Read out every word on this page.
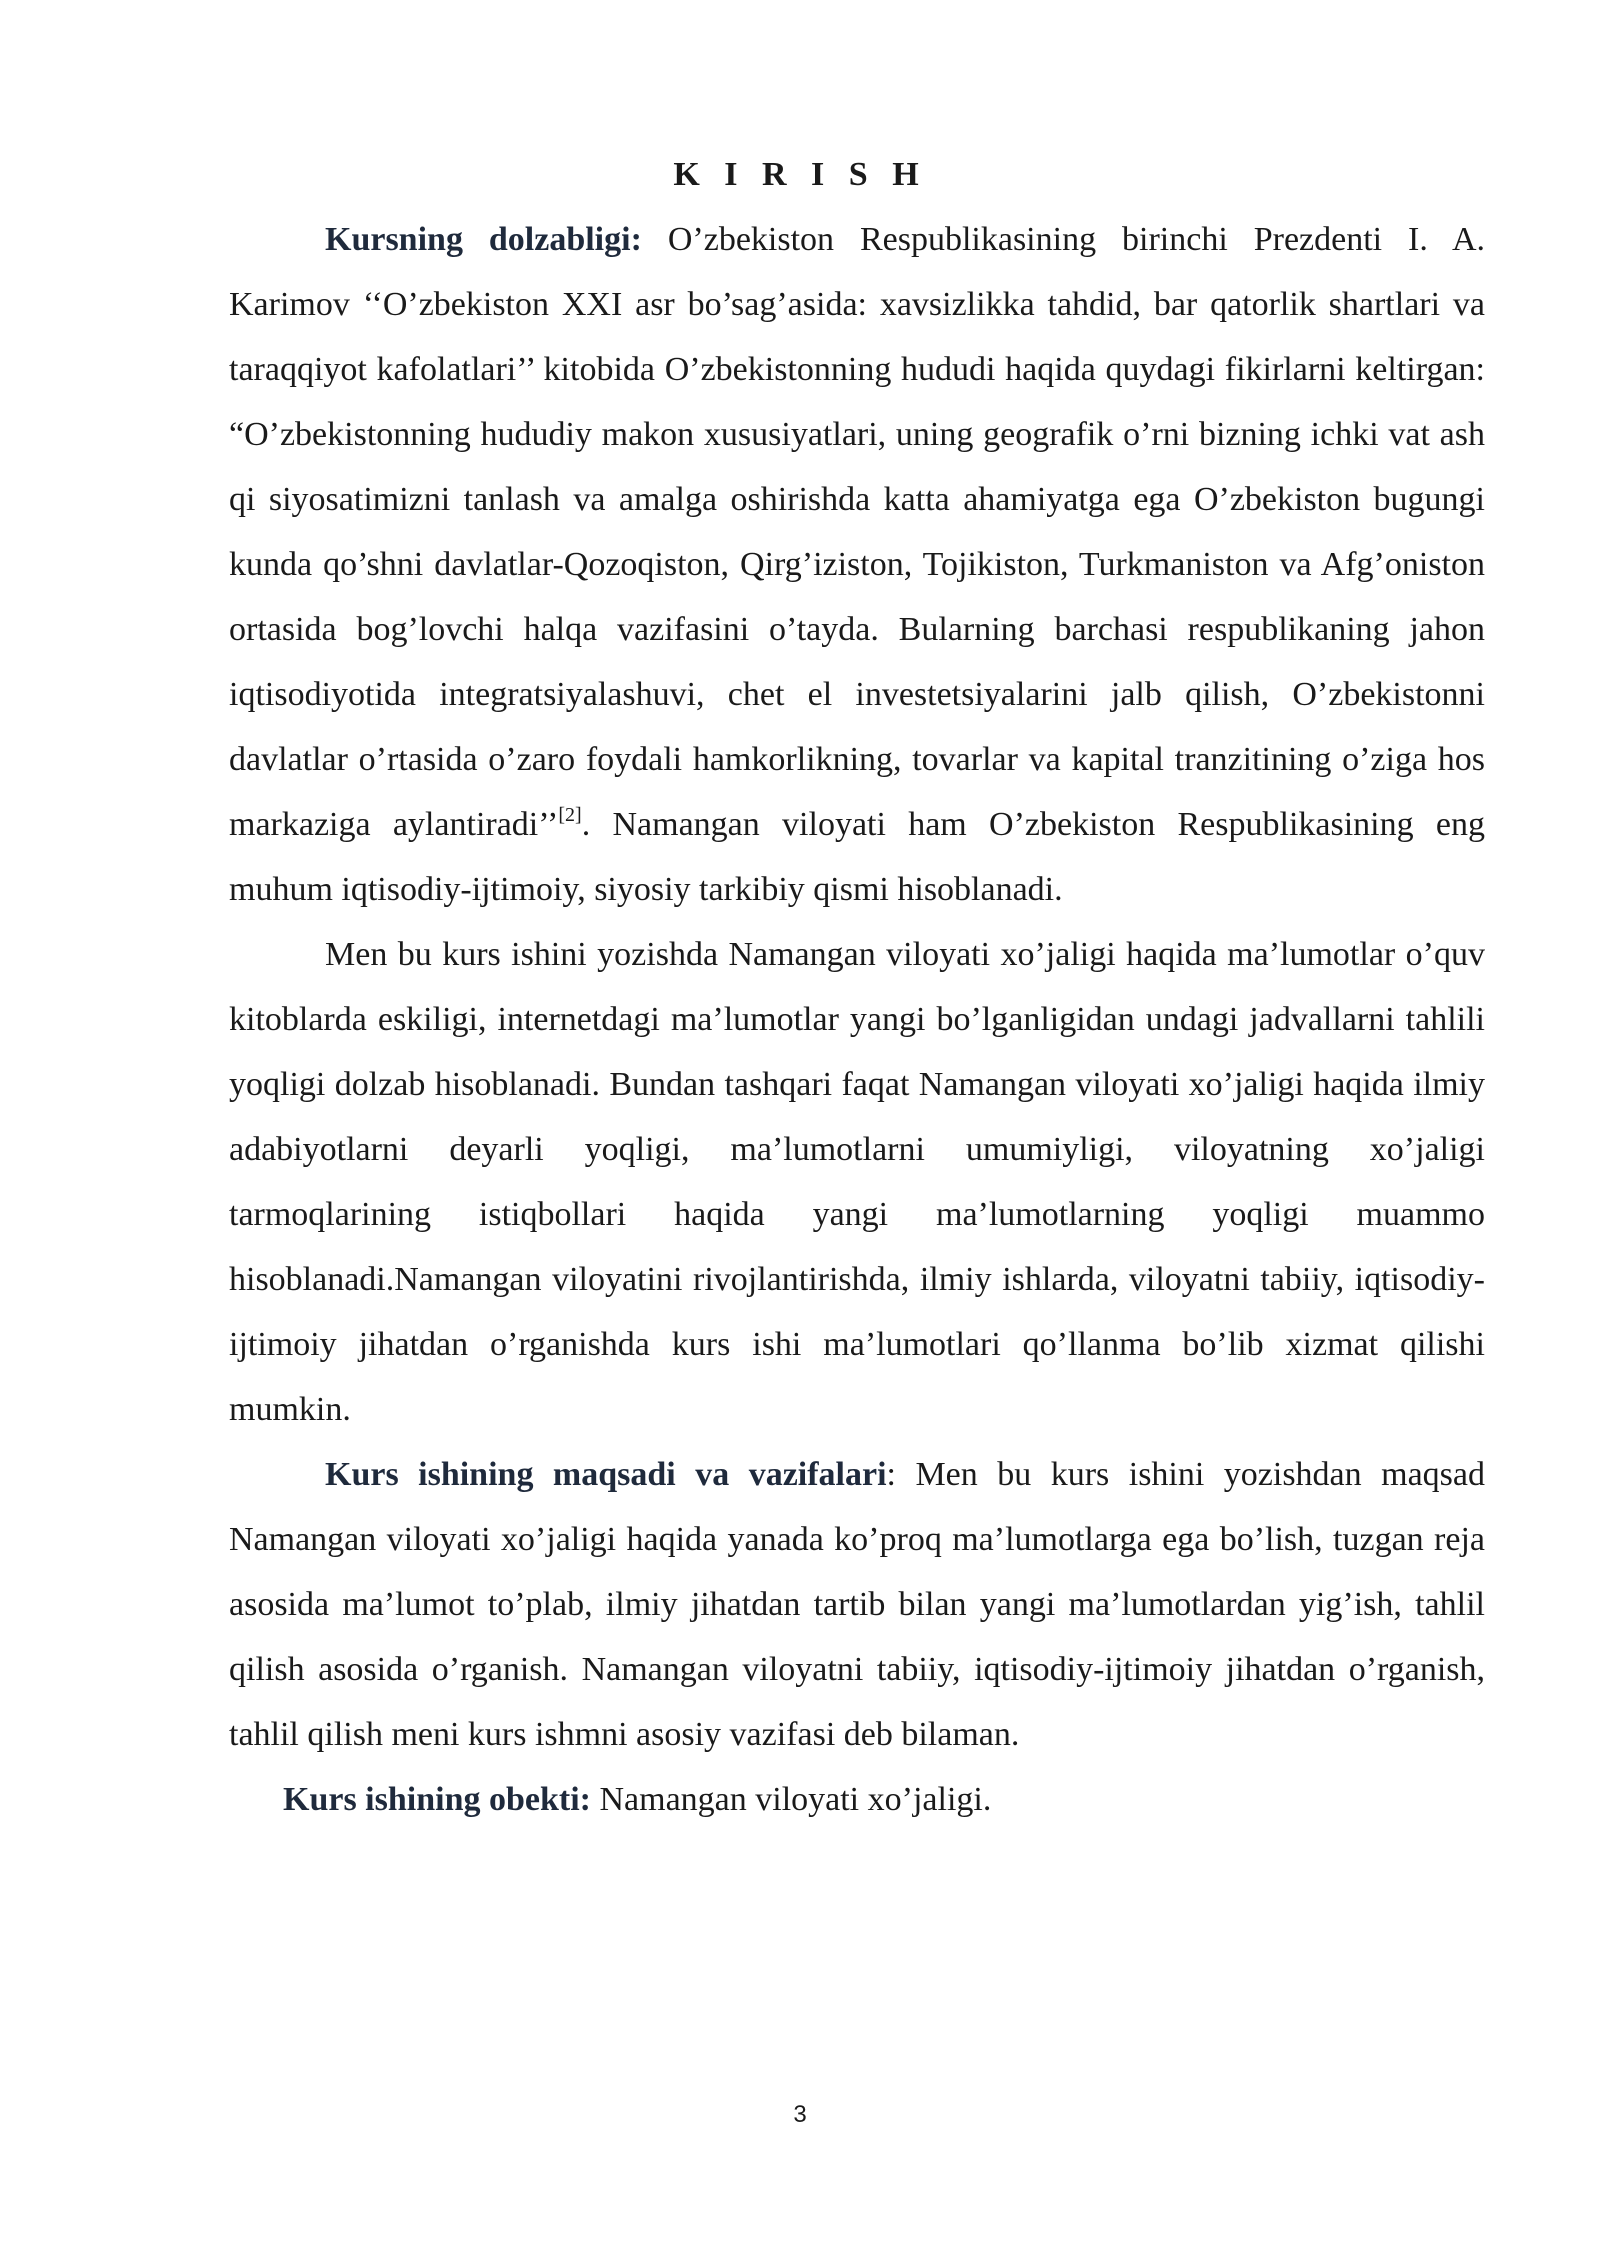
K I R I S H

Kursning dolzabligi: O’zbekiston Respublikasining birinchi Prezdenti I. A. Karimov ‘‘O’zbekiston XXI asr bo’sag’asida: xavsizlikka tahdid, bar qatorlik shartlari va taraqqiyot kafolatlari’’ kitobida O’zbekistonning hududi haqida quydagi fikirlarni keltirgan: “O’zbekistonning hududiy makon xususiyatlari, uning geografik o’rni bizning ichki vat ash qi siyosatimizni tanlash va amalga oshirishda katta ahamiyatga ega O’zbekiston bugungi kunda qo’shni davlatlar-Qozoqiston, Qirg’iziston, Tojikiston, Turkmaniston va Afg’oniston ortasida bog’lovchi halqa vazifasini o’tayda. Bularning barchasi respublikaning jahon iqtisodiyotida integratsiyalashuvi, chet el investetsiyalarini jalb qilish, O’zbekistonni davlatlar o’rtasida o’zaro foydali hamkorlikning, tovarlar va kapital tranzitining o’ziga hos markaziga aylantiradi’’[2]. Namangan viloyati ham O’zbekiston Respublikasining eng muhum iqtisodiy-ijtimoiy, siyosiy tarkibiy qismi hisoblanadi.

Men bu kurs ishini yozishda Namangan viloyati xo’jaligi haqida ma’lumotlar o’quv kitoblarda eskiligi, internetdagi ma’lumotlar yangi bo’lganligidan undagi jadvallarni tahlili yoqligi dolzab hisoblanadi. Bundan tashqari faqat Namangan viloyati xo’jaligi haqida ilmiy adabiyotlarni deyarli yoqligi, ma’lumotlarni umumiyligi, viloyatning xo’jaligi tarmoqlarining istiqbollari haqida yangi ma’lumotlarning yoqligi muammo hisoblanadi.Namangan viloyatini rivojlantirishda, ilmiy ishlarda, viloyatni tabiiy, iqtisodiy-ijtimoiy jihatdan o’rganishda kurs ishi ma’lumotlari qo’llanma bo’lib xizmat qilishi mumkin.

Kurs ishining maqsadi va vazifalari: Men bu kurs ishini yozishdan maqsad Namangan viloyati xo’jaligi haqida yanada ko’proq ma’lumotlarga ega bo’lish, tuzgan reja asosida ma’lumot to’plab, ilmiy jihatdan tartib bilan yangi ma’lumotlardan yig’ish, tahlil qilish asosida o’rganish. Namangan viloyatni tabiiy, iqtisodiy-ijtimoiy jihatdan o’rganish, tahlil qilish meni kurs ishmni asosiy vazifasi deb bilaman.

Kurs ishining obekti: Namangan viloyati xo’jaligi.

3
